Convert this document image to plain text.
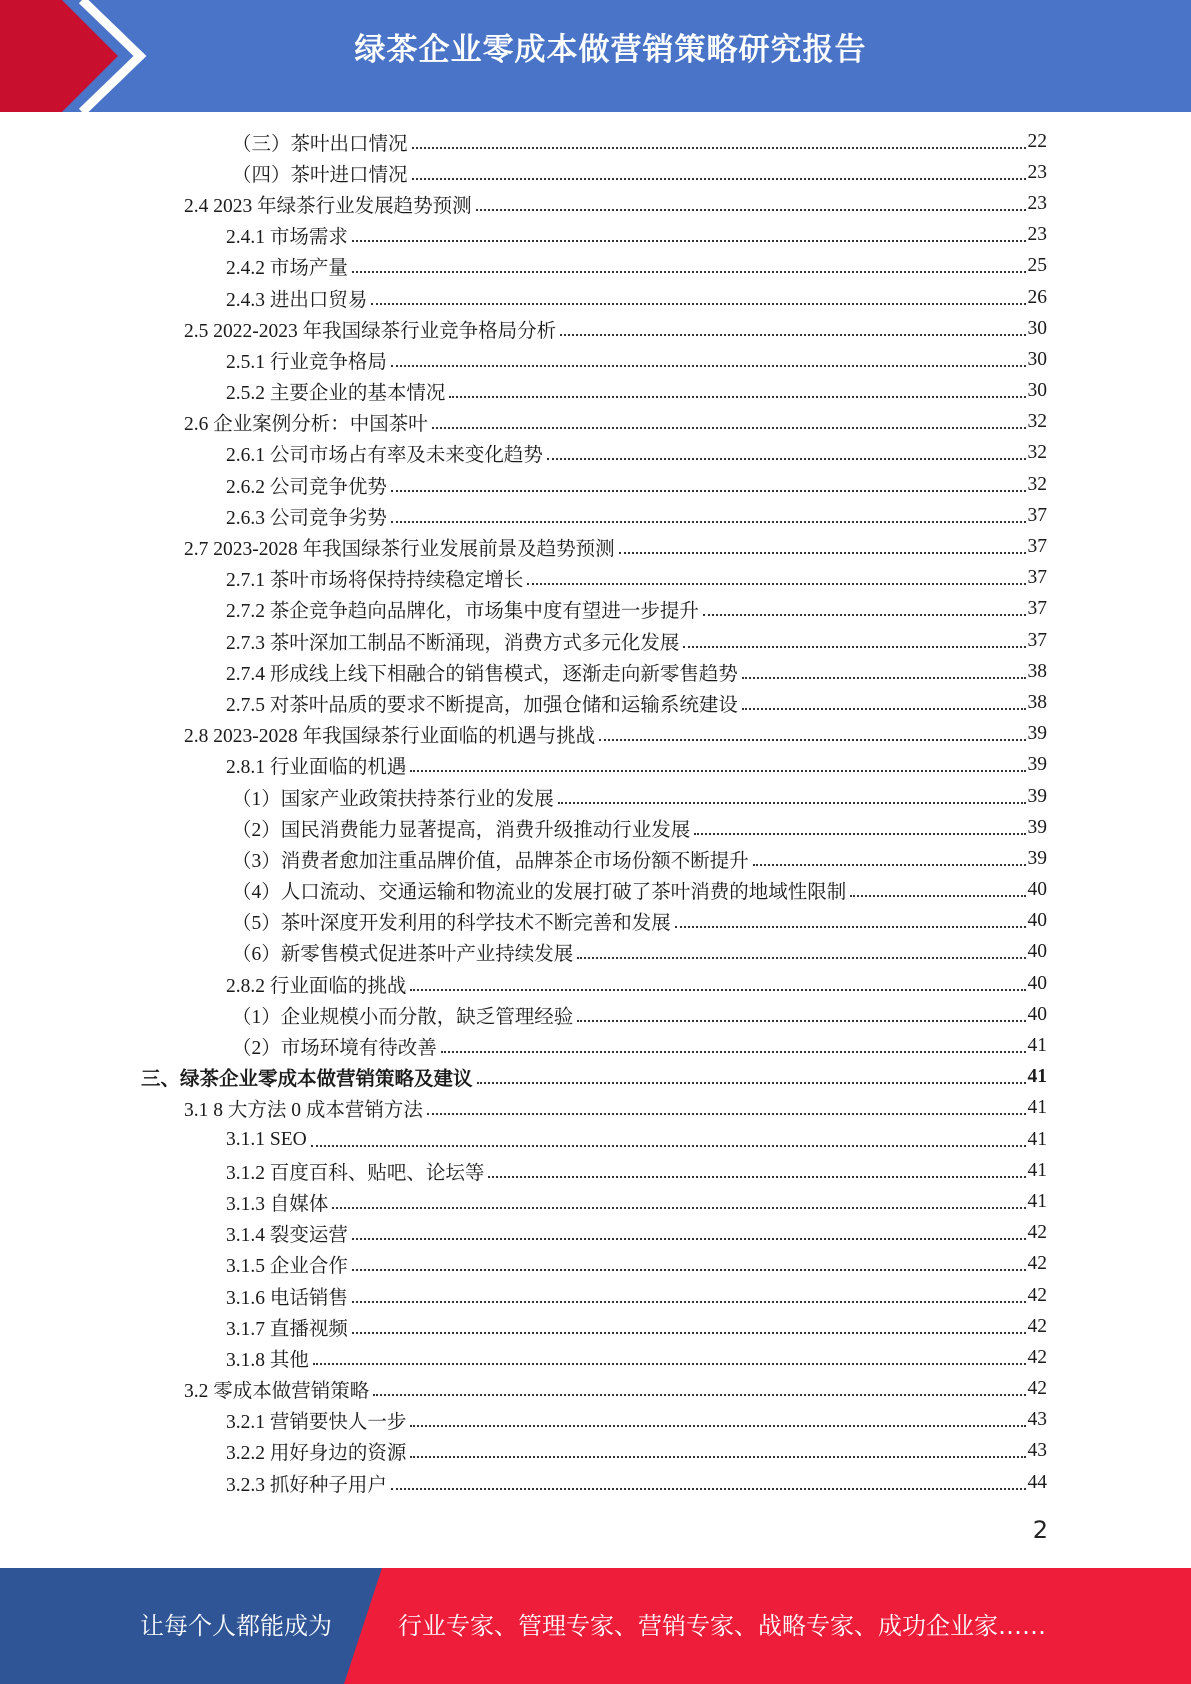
绿茶企业零成本做营销策略研究报告
（三）茶叶出口情况	22
（四）茶叶进口情况	23
2.4 2023 年绿茶行业发展趋势预测	23
2.4.1 市场需求	23
2.4.2 市场产量	25
2.4.3 进出口贸易	26
2.5 2022-2023 年我国绿茶行业竞争格局分析	30
2.5.1 行业竞争格局	30
2.5.2 主要企业的基本情况	30
2.6 企业案例分析：中国茶叶	32
2.6.1 公司市场占有率及未来变化趋势	32
2.6.2 公司竞争优势	32
2.6.3 公司竞争劣势	37
2.7 2023-2028 年我国绿茶行业发展前景及趋势预测	37
2.7.1 茶叶市场将保持持续稳定增长	37
2.7.2 茶企竞争趋向品牌化，市场集中度有望进一步提升	37
2.7.3 茶叶深加工制品不断涌现，消费方式多元化发展	37
2.7.4 形成线上线下相融合的销售模式，逐渐走向新零售趋势	38
2.7.5 对茶叶品质的要求不断提高，加强仓储和运输系统建设	38
2.8 2023-2028 年我国绿茶行业面临的机遇与挑战	39
2.8.1 行业面临的机遇	39
（1）国家产业政策扶持茶行业的发展	39
（2）国民消费能力显著提高，消费升级推动行业发展	39
（3）消费者愈加注重品牌价值，品牌茶企市场份额不断提升	39
（4）人口流动、交通运输和物流业的发展打破了茶叶消费的地域性限制	40
（5）茶叶深度开发利用的科学技术不断完善和发展	40
（6）新零售模式促进茶叶产业持续发展	40
2.8.2 行业面临的挑战	40
（1）企业规模小而分散，缺乏管理经验	40
（2）市场环境有待改善	41
三、绿茶企业零成本做营销策略及建议	41
3.1 8 大方法 0 成本营销方法	41
3.1.1 SEO	41
3.1.2 百度百科、贴吧、论坛等	41
3.1.3 自媒体	41
3.1.4 裂变运营	42
3.1.5 企业合作	42
3.1.6 电话销售	42
3.1.7 直播视频	42
3.1.8 其他	42
3.2 零成本做营销策略	42
3.2.1 营销要快人一步	43
3.2.2 用好身边的资源	43
3.2.3 抓好种子用户	44
2
让每个人都能成为	行业专家、管理专家、营销专家、战略专家、成功企业家……
